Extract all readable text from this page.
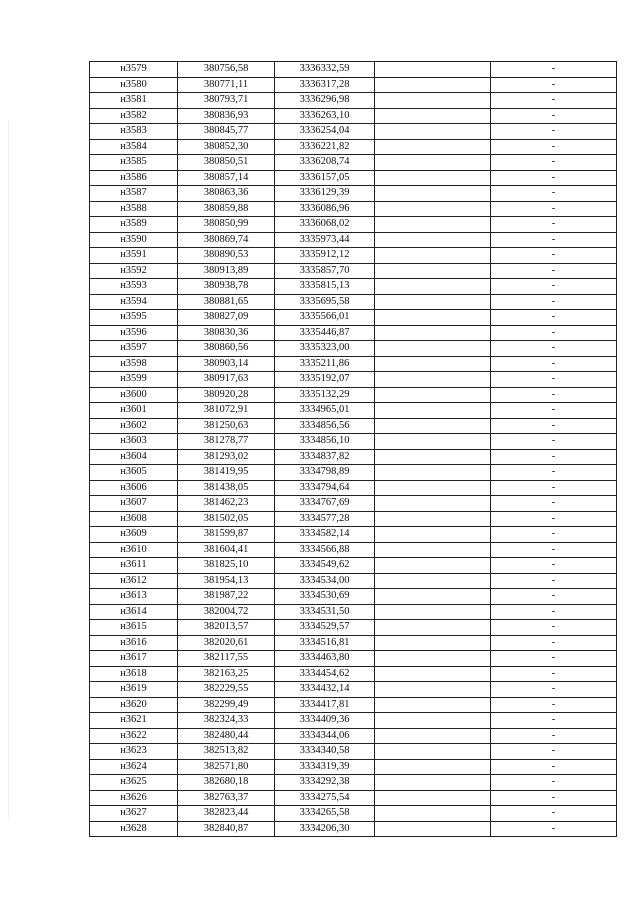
н3579	380756,58	3336332,59		-
н3580	380771,11	3336317,28		-
н3581	380793,71	3336296,98		-
н3582	380836,93	3336263,10		-
н3583	380845,77	3336254,04		-
н3584	380852,30	3336221,82		-
н3585	380850,51	3336208,74		-
н3586	380857,14	3336157,05		-
н3587	380863,36	3336129,39		-
н3588	380859,88	3336086,96		-
н3589	380850,99	3336068,02		-
н3590	380869,74	3335973,44		-
н3591	380890,53	3335912,12		-
н3592	380913,89	3335857,70		-
н3593	380938,78	3335815,13		-
н3594	380881,65	3335695,58		-
н3595	380827,09	3335566,01		-
н3596	380830,36	3335446,87		-
н3597	380860,56	3335323,00		-
н3598	380903,14	3335211,86		-
н3599	380917,63	3335192,07		-
н3600	380920,28	3335132,29		-
н3601	381072,91	3334965,01		-
н3602	381250,63	3334856,56		-
н3603	381278,77	3334856,10		-
н3604	381293,02	3334837,82		-
н3605	381419,95	3334798,89		-
н3606	381438,05	3334794,64		-
н3607	381462,23	3334767,69		-
н3608	381502,05	3334577,28		-
н3609	381599,87	3334582,14		-
н3610	381604,41	3334566,88		-
н3611	381825,10	3334549,62		-
н3612	381954,13	3334534,00		-
н3613	381987,22	3334530,69		-
н3614	382004,72	3334531,50		-
н3615	382013,57	3334529,57		-
н3616	382020,61	3334516,81		-
н3617	382117,55	3334463,80		-
н3618	382163,25	3334454,62		-
н3619	382229,55	3334432,14		-
н3620	382299,49	3334417,81		-
н3621	382324,33	3334409,36		-
н3622	382480,44	3334344,06		-
н3623	382513,82	3334340,58		-
н3624	382571,80	3334319,39		-
н3625	382680,18	3334292,38		-
н3626	382763,37	3334275,54		-
н3627	382823,44	3334265,58		-
н3628	382840,87	3334206,30		-
